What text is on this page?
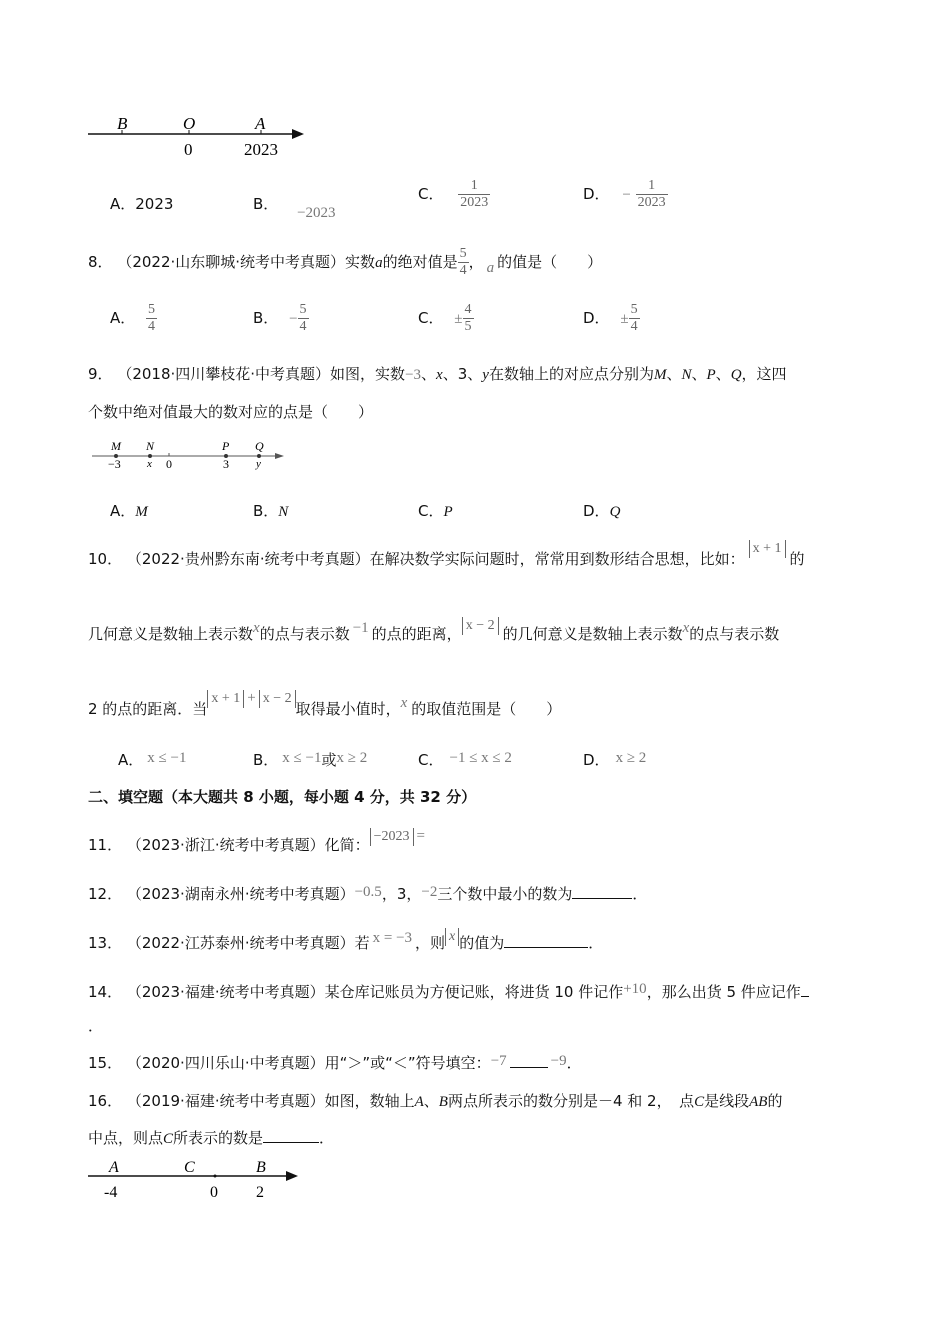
B	O	A
0	2023
A．2023	B． −2023
C． $\frac{1}{2023}$	D． − $\frac{1}{2023}$
8． （2022·山东聊城·统考中考真题）实数a的绝对值是 $\frac{5}{4}$ ， a 的值是（　　）
A． $\frac{5}{4}$	B． − $\frac{5}{4}$	C． ± $\frac{4}{5}$	D． ± $\frac{5}{4}$
9． （2018·四川攀枝花·中考真题）如图，实数−3、x、3、y在数轴上的对应点分别为M、N、P、Q，这四
个数中绝对值最大的数对应的点是（　　）
M N	P Q
−3 x 0	3 y
A．M	B．N	C．P	D．Q
10． （2022·贵州黔东南·统考中考真题）在解决数学实际问题时，常常用到数形结合思想，比如：x + 1的
几何意义是数轴上表示数x的点与表示数 −1 的点的距离， x − 2 的几何意义是数轴上表示数x的点与表示数
2 的点的距离．当x + 1 + x − 2取得最小值时，x 的取值范围是（　　）
A． x ≤ −1	B． x ≤ −1或x ≥ 2	C． −1 ≤ x ≤ 2	D． x ≥ 2
二、填空题（本大题共 8 小题，每小题 4 分，共 32 分）
11． （2023·浙江·统考中考真题）化简： −2023 =
12． （2023·湖南永州·统考中考真题）−0.5，3，−2三个数中最小的数为	．
13． （2022·江苏泰州·统考中考真题）若 x = −3 ，则 x 的值为	．
14． （2023·福建·统考中考真题）某仓库记账员为方便记账，将进货 10 件记作+10，那么出货 5 件应记作
．
15． （2020·四川乐山·中考真题）用“＞”或“＜”符号填空：−7	−9．
16． （2019·福建·统考中考真题）如图，数轴上A、B两点所表示的数分别是－4 和 2，　点C是线段AB的
中点，则点C所表示的数是	．
A	C	B
-4	0 2
